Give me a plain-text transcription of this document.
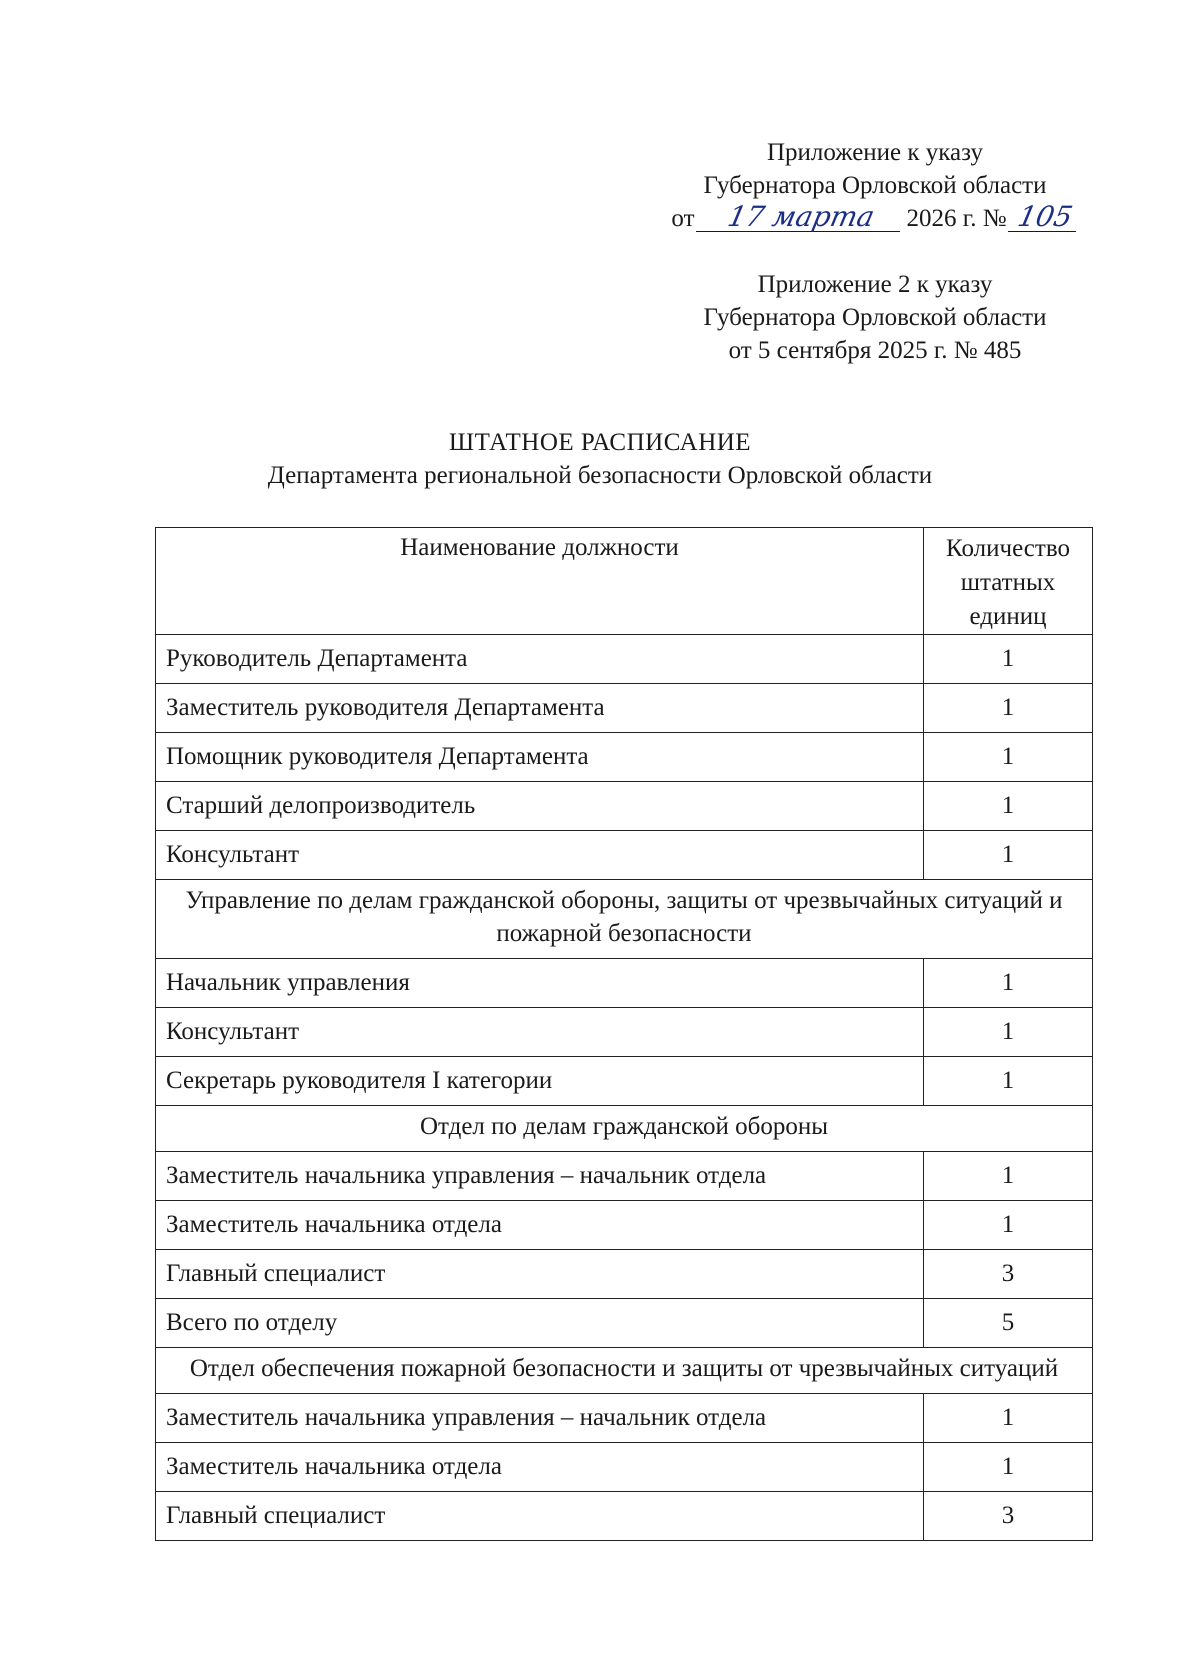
Приложение к указу
Губернатора Орловской области
от	17 марта	2026 г. № 105
Приложение 2 к указу
Губернатора Орловской области
от 5 сентября 2025 г. № 485
ШТАТНОЕ РАСПИСАНИЕ
Департамента региональной безопасности Орловской области
Наименование должности	Количество штатных единиц
Руководитель Департамента	1
Заместитель руководителя Департамента	1
Помощник руководителя Департамента	1
Старший делопроизводитель	1
Консультант	1
Управление по делам гражданской обороны, защиты от чрезвычайных ситуаций и пожарной безопасности	
Начальник управления	1
Консультант	1
Секретарь руководителя I категории	1
Отдел по делам гражданской обороны	
Заместитель начальника управления – начальник отдела	1
Заместитель начальника отдела	1
Главный специалист	3
Всего по отделу	5
Отдел обеспечения пожарной безопасности и защиты от чрезвычайных ситуаций	
Заместитель начальника управления – начальник отдела	1
Заместитель начальника отдела	1
Главный специалист	3
